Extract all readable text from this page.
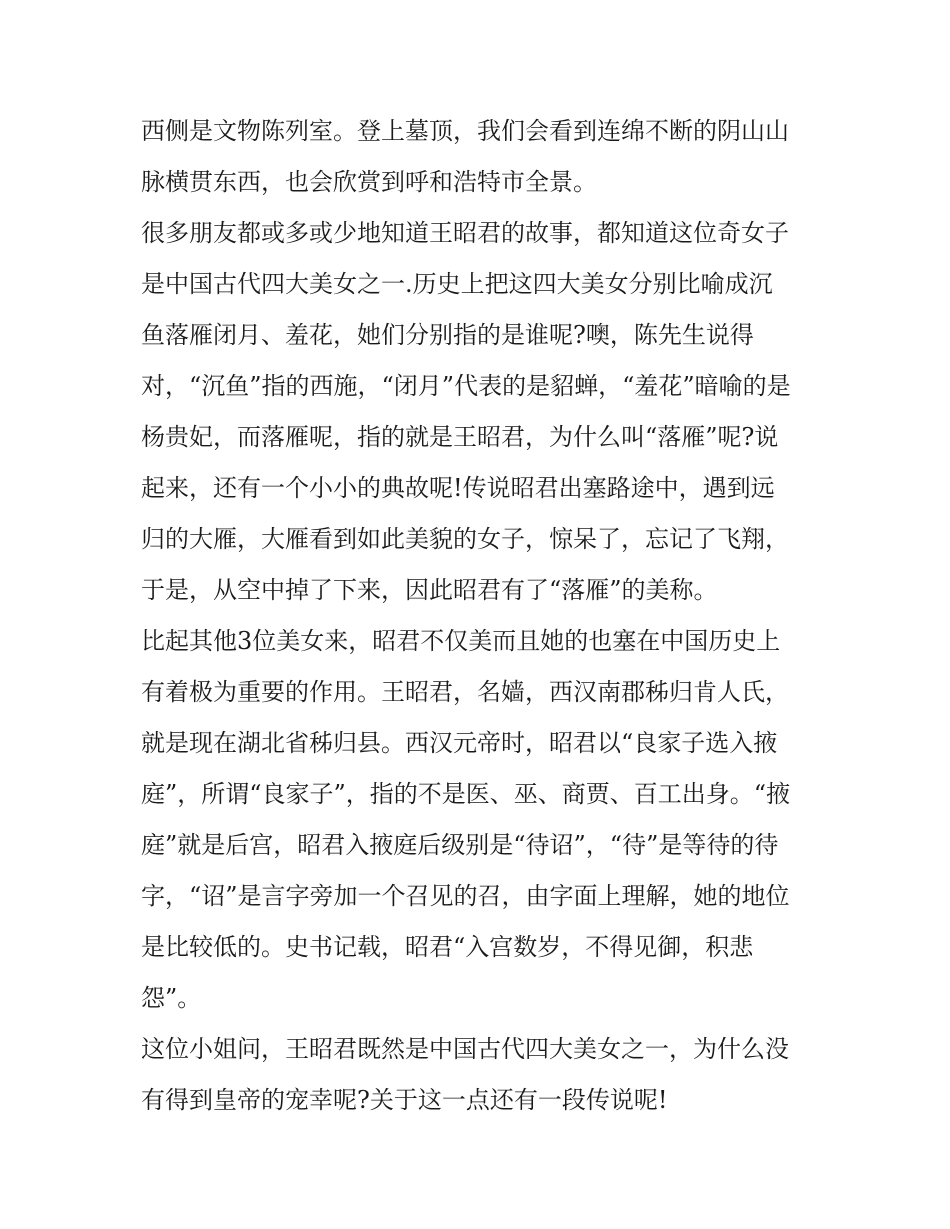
西侧是文物陈列室。登上墓顶，我们会看到连绵不断的阴山山
脉横贯东西，也会欣赏到呼和浩特市全景。
很多朋友都或多或少地知道王昭君的故事，都知道这位奇女子
是中国古代四大美女之一.历史上把这四大美女分别比喻成沉
鱼落雁闭月、羞花，她们分别指的是谁呢?噢，陈先生说得
对，“沉鱼”指的西施，“闭月”代表的是貂蝉，“羞花”暗喻的是
杨贵妃，而落雁呢，指的就是王昭君，为什么叫“落雁”呢?说
起来，还有一个小小的典故呢!传说昭君出塞路途中，遇到远
归的大雁，大雁看到如此美貌的女子，惊呆了，忘记了飞翔，
于是，从空中掉了下来，因此昭君有了“落雁”的美称。
比起其他3位美女来，昭君不仅美而且她的也塞在中国历史上
有着极为重要的作用。王昭君，名嫱，西汉南郡秭归肯人氏，
就是现在湖北省秭归县。西汉元帝时，昭君以“良家子选入掖
庭”，所谓“良家子”，指的不是医、巫、商贾、百工出身。“掖
庭”就是后宫，昭君入掖庭后级别是“待诏”，“待”是等待的待
字，“诏”是言字旁加一个召见的召，由字面上理解，她的地位
是比较低的。史书记载，昭君“入宫数岁，不得见御，积悲
怨”。
这位小姐问，王昭君既然是中国古代四大美女之一，为什么没
有得到皇帝的宠幸呢?关于这一点还有一段传说呢!
